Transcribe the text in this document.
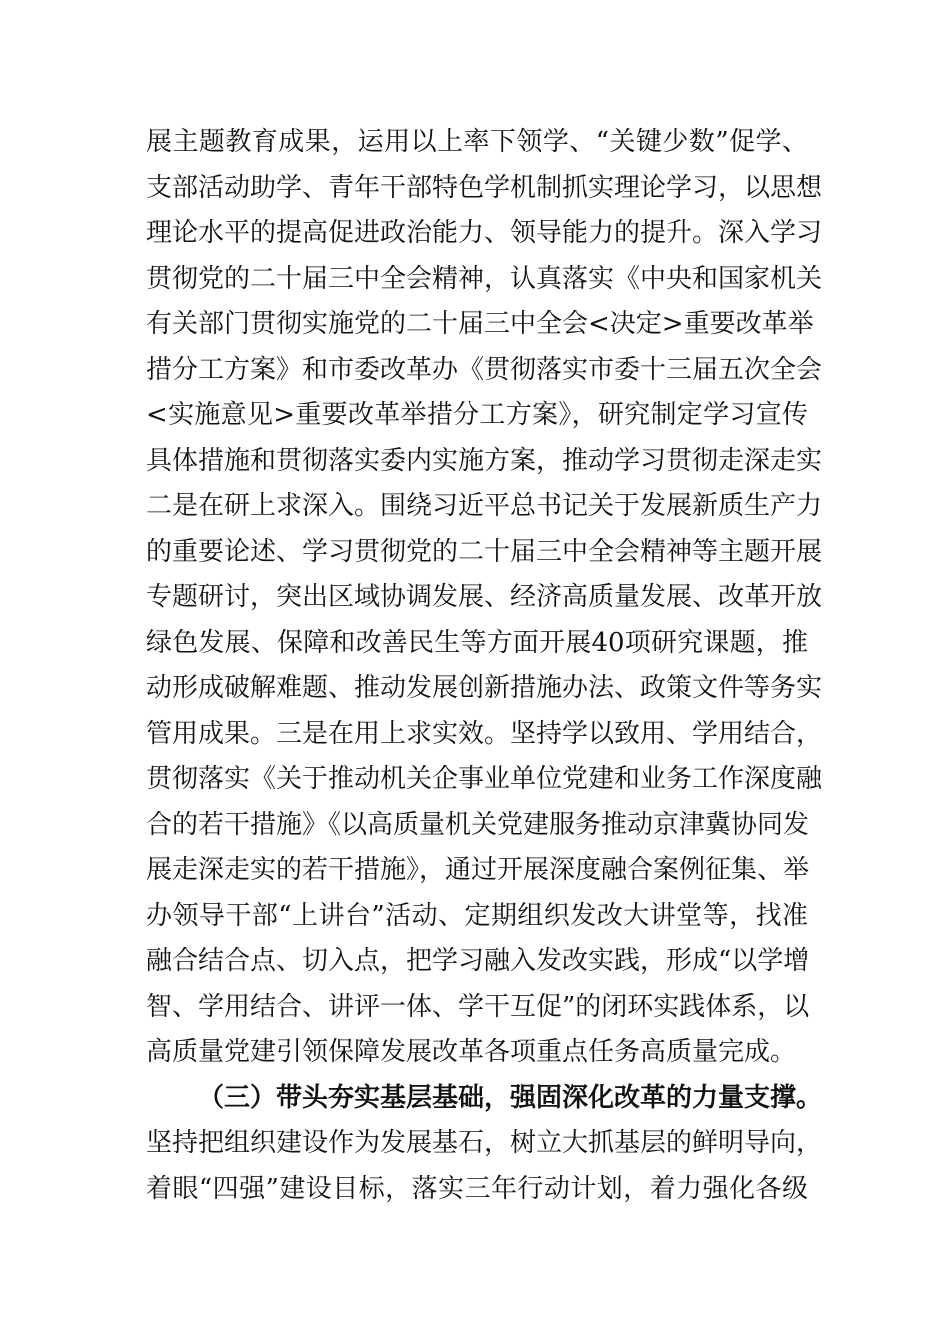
展主题教育成果，运用以上率下领学、“关键少数”促学、
支部活动助学、青年干部特色学机制抓实理论学习，以思想
理论水平的提高促进政治能力、领导能力的提升。深入学习
贯彻党的二十届三中全会精神，认真落实《中央和国家机关
有关部门贯彻实施党的二十届三中全会<决定>重要改革举
措分工方案》和市委改革办《贯彻落实市委十三届五次全会
<实施意见>重要改革举措分工方案》，研究制定学习宣传
具体措施和贯彻落实委内实施方案，推动学习贯彻走深走实
二是在研上求深入。围绕习近平总书记关于发展新质生产力
的重要论述、学习贯彻党的二十届三中全会精神等主题开展
专题研讨，突出区域协调发展、经济高质量发展、改革开放
绿色发展、保障和改善民生等方面开展40项研究课题，推
动形成破解难题、推动发展创新措施办法、政策文件等务实
管用成果。三是在用上求实效。坚持学以致用、学用结合，
贯彻落实《关于推动机关企事业单位党建和业务工作深度融
合的若干措施》《以高质量机关党建服务推动京津冀协同发
展走深走实的若干措施》，通过开展深度融合案例征集、举
办领导干部“上讲台”活动、定期组织发改大讲堂等，找准
融合结合点、切入点，把学习融入发改实践，形成“以学增
智、学用结合、讲评一体、学干互促”的闭环实践体系，以
高质量党建引领保障发展改革各项重点任务高质量完成。
（三）带头夯实基层基础，强固深化改革的力量支撑。
坚持把组织建设作为发展基石，树立大抓基层的鲜明导向，
着眼“四强”建设目标，落实三年行动计划，着力强化各级
